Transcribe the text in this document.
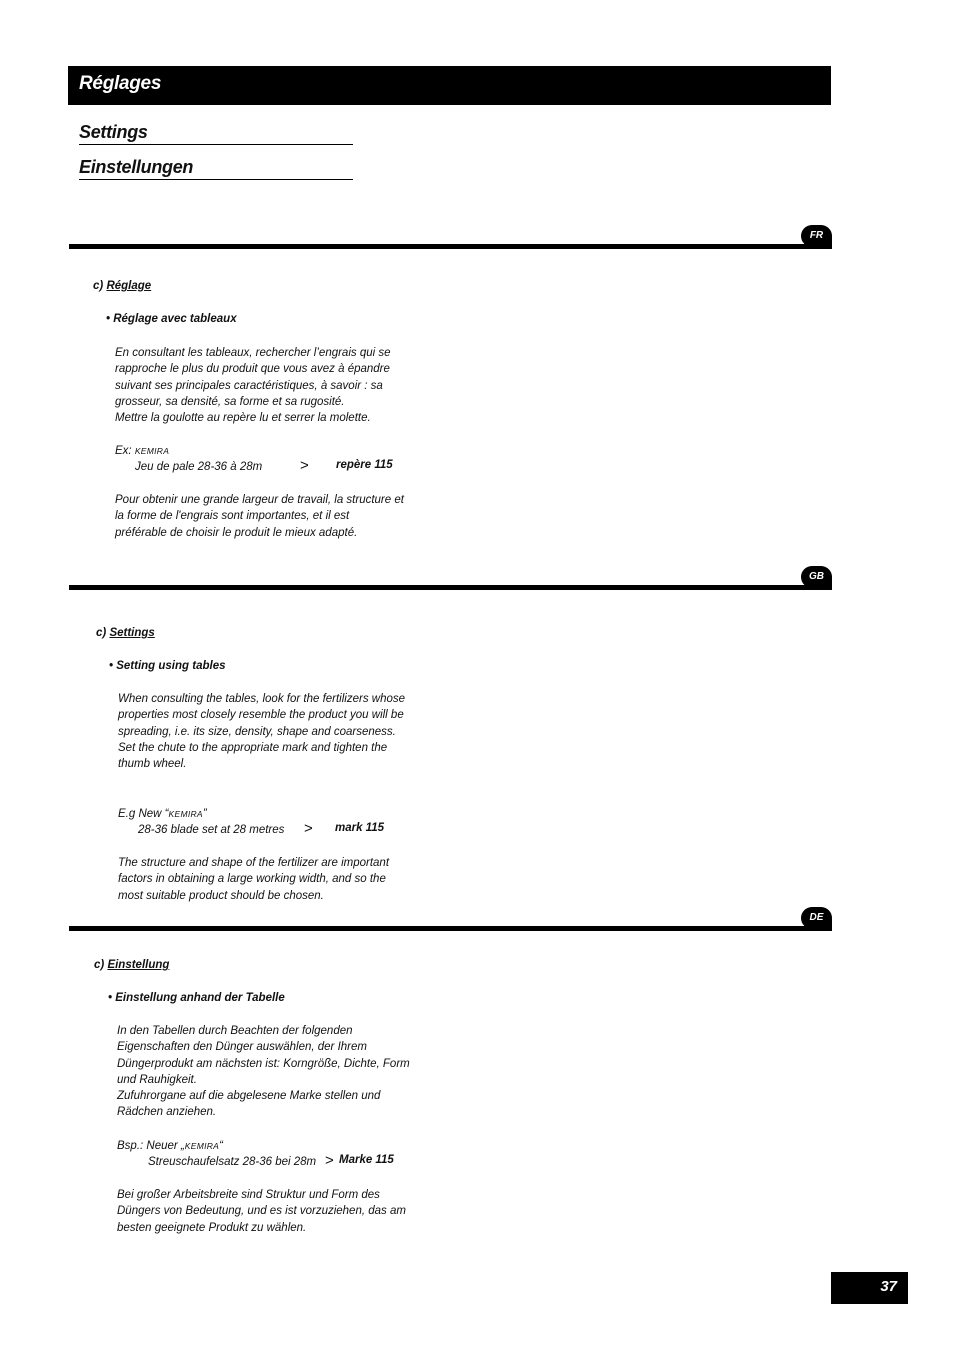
Réglages
Settings
Einstellungen
FR
c) Réglage
• Réglage avec tableaux
En consultant les tableaux, rechercher l’engrais qui se
rapproche le plus du produit que vous avez à épandre
suivant ses principales caractéristiques, à savoir : sa
grosseur, sa densité, sa forme et sa rugosité.
Mettre la goulotte au repère lu et serrer la molette.
Ex: KEMIRA
Jeu de pale 28-36 à 28m	> repère 115
Pour obtenir une grande largeur de travail, la structure et
la forme de l'engrais sont importantes, et il est
préférable de choisir le produit le mieux adapté.
GB
c) Settings
• Setting using tables
When consulting the tables, look for the fertilizers whose
properties most closely resemble the product you will be
spreading, i.e. its size, density, shape and coarseness.
Set the chute to the appropriate mark and tighten the
thumb wheel.
E.g New “KEMIRA”
28-36 blade set at 28 metres > mark 115
The structure and shape of the fertilizer are important
factors in obtaining a large working width, and so the
most suitable product should be chosen.
DE
c) Einstellung
• Einstellung anhand der Tabelle
In den Tabellen durch Beachten der folgenden
Eigenschaften den Dünger auswählen, der Ihrem
Düngerprodukt am nächsten ist: Korngröße, Dichte, Form
und Rauhigkeit.
Zufuhrorgane auf die abgelesene Marke stellen und
Rädchen anziehen.
Bsp.: Neuer „KEMIRA“
Streuschaufelsatz 28-36 bei 28m > Marke 115
Bei großer Arbeitsbreite sind Struktur und Form des
Düngers von Bedeutung, und es ist vorzuziehen, das am
besten geeignete Produkt zu wählen.
37
